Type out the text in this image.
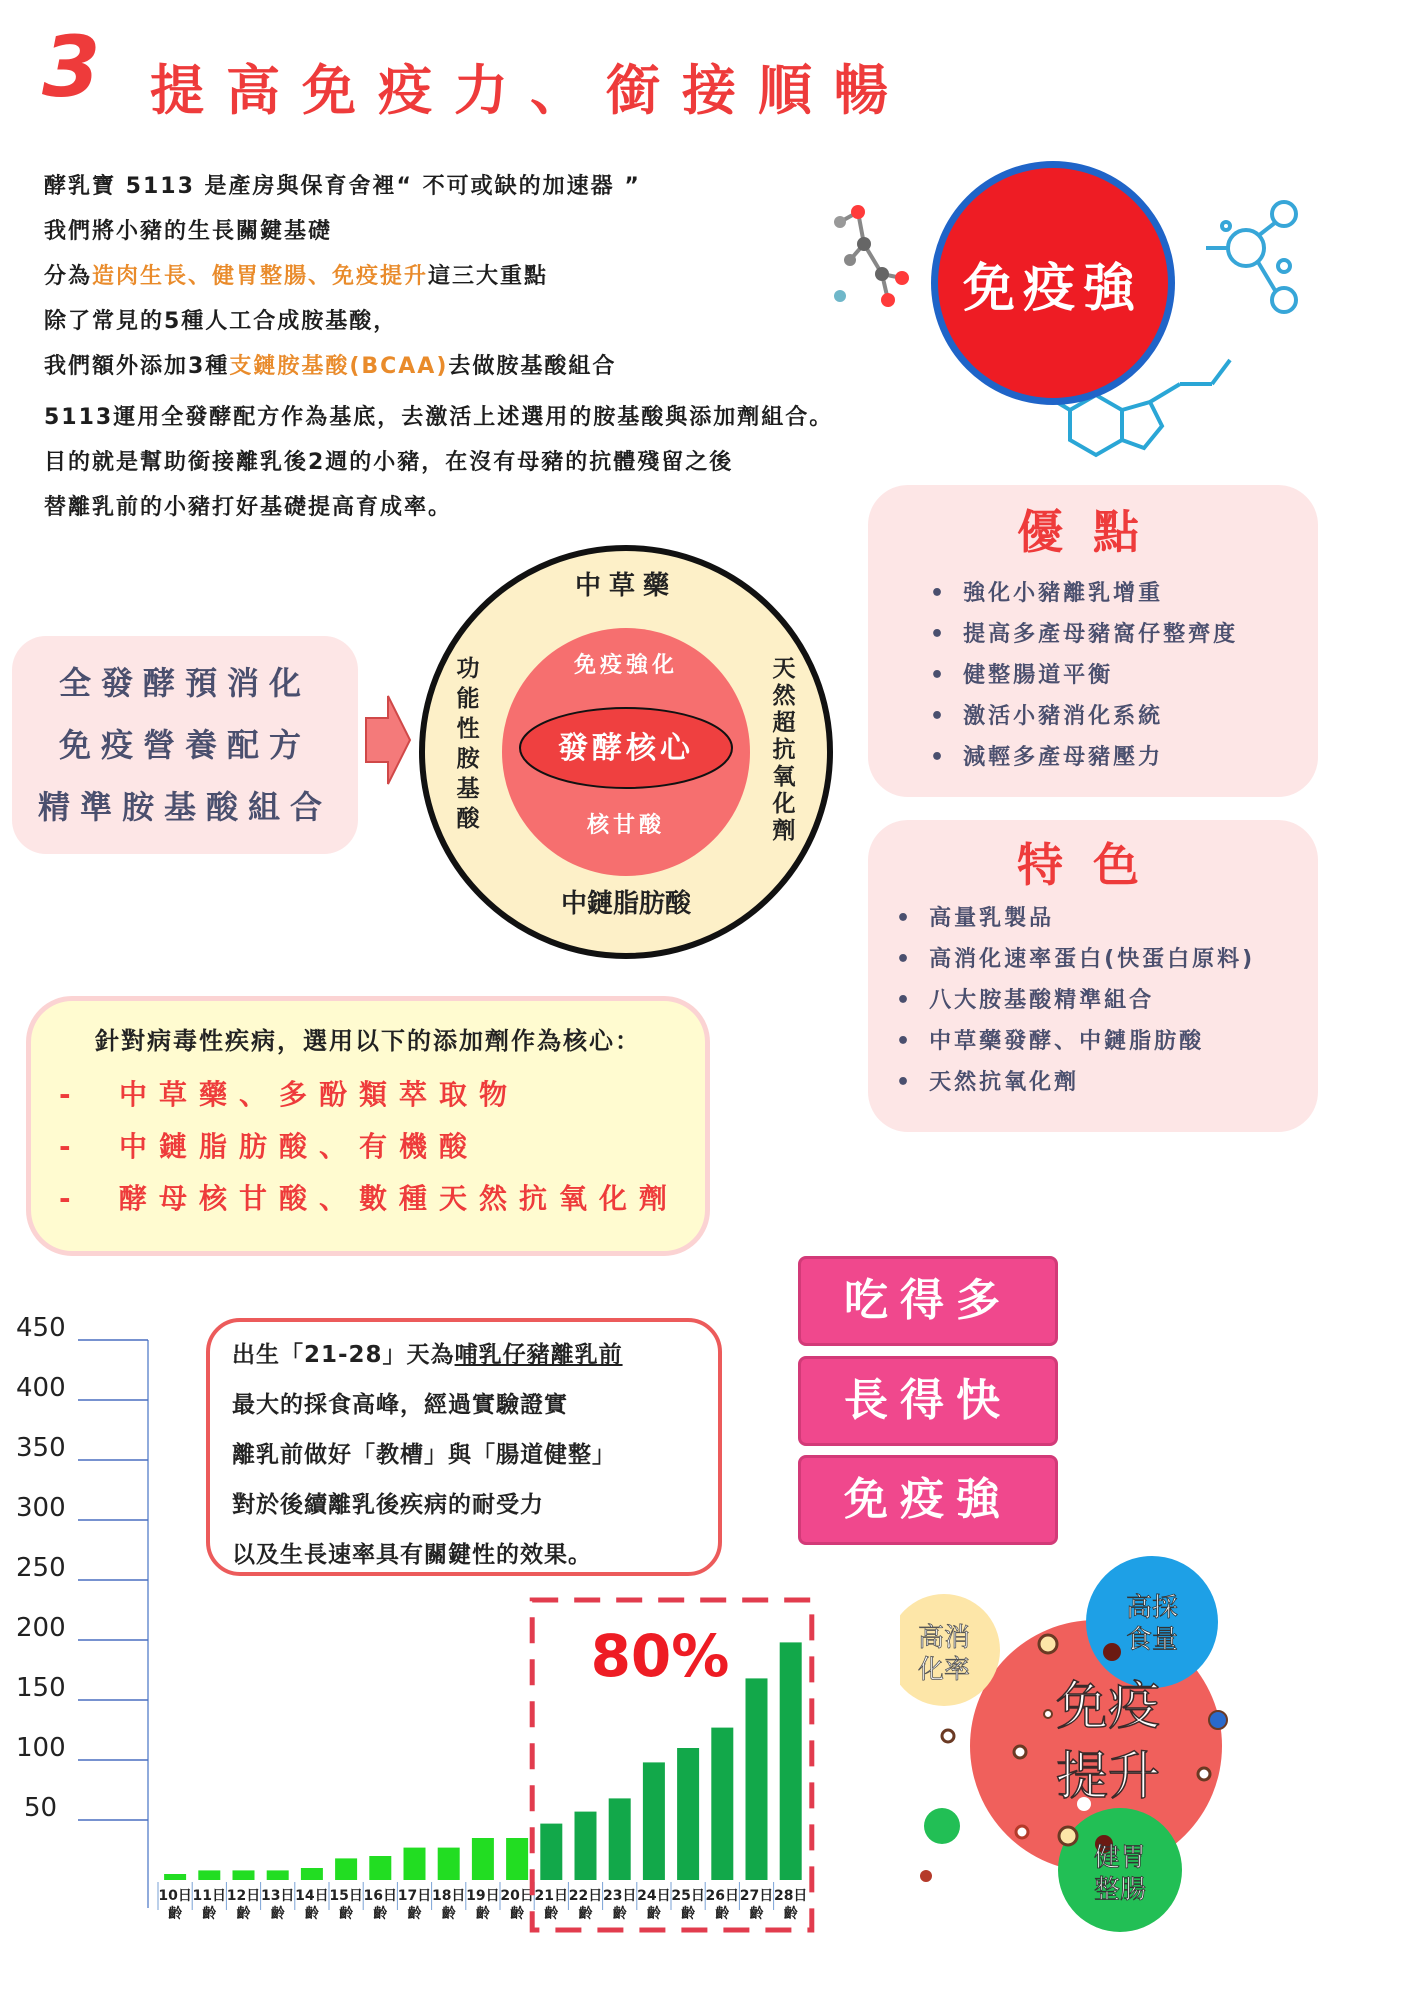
3 提高免疫力、銜接順暢
酵乳寶 5113 是產房與保育舍裡“ 不可或缺的加速器 ”
我們將小豬的生長關鍵基礎
分為造肉生長、健胃整腸、免疫提升這三大重點
除了常見的5種人工合成胺基酸，
我們額外添加3種支鏈胺基酸(BCAA)去做胺基酸組合
5113運用全發酵配方作為基底，去激活上述選用的胺基酸與添加劑組合。
目的就是幫助銜接離乳後2週的小豬，在沒有母豬的抗體殘留之後
替離乳前的小豬打好基礎提高育成率。
免疫強
優點
• 強化小豬離乳增重
• 提高多產母豬窩仔整齊度
• 健整腸道平衡
• 激活小豬消化系統
• 減輕多產母豬壓力
特色
• 高量乳製品
• 高消化速率蛋白(快蛋白原料)
• 八大胺基酸精準組合
• 中草藥發酵、中鏈脂肪酸
• 天然抗氧化劑
全發酵預消化
免疫營養配方
精準胺基酸組合
中草藥
中鏈脂肪酸
免疫強化
發酵核心
核甘酸
功
能
性
胺
基
酸
天
然
超
抗
氧
化
劑
針對病毒性疾病，選用以下的添加劑作為核心：
- 中草藥、多酚類萃取物
- 中鏈脂肪酸、有機酸
- 酵母核甘酸、數種天然抗氧化劑
吃得多
長得快
免疫強
50
100
150
200
250
300
350
400
450
10日
齡
11日
齡
12日
齡
13日
齡
14日
齡
15日
齡
16日
齡
17日
齡
18日
齡
19日
齡
20日
齡
21日
齡
22日
齡
23日
齡
24日
齡
25日
齡
26日
齡
27日
齡
28日
齡
80%
出生「21-28」天為哺乳仔豬離乳前
最大的採食高峰，經過實驗證實
離乳前做好「教槽」與「腸道健整」
對於後續離乳後疾病的耐受力
以及生長速率具有關鍵性的效果。
免疫
提升
高採
食量
高消
化率
健胃
整腸
